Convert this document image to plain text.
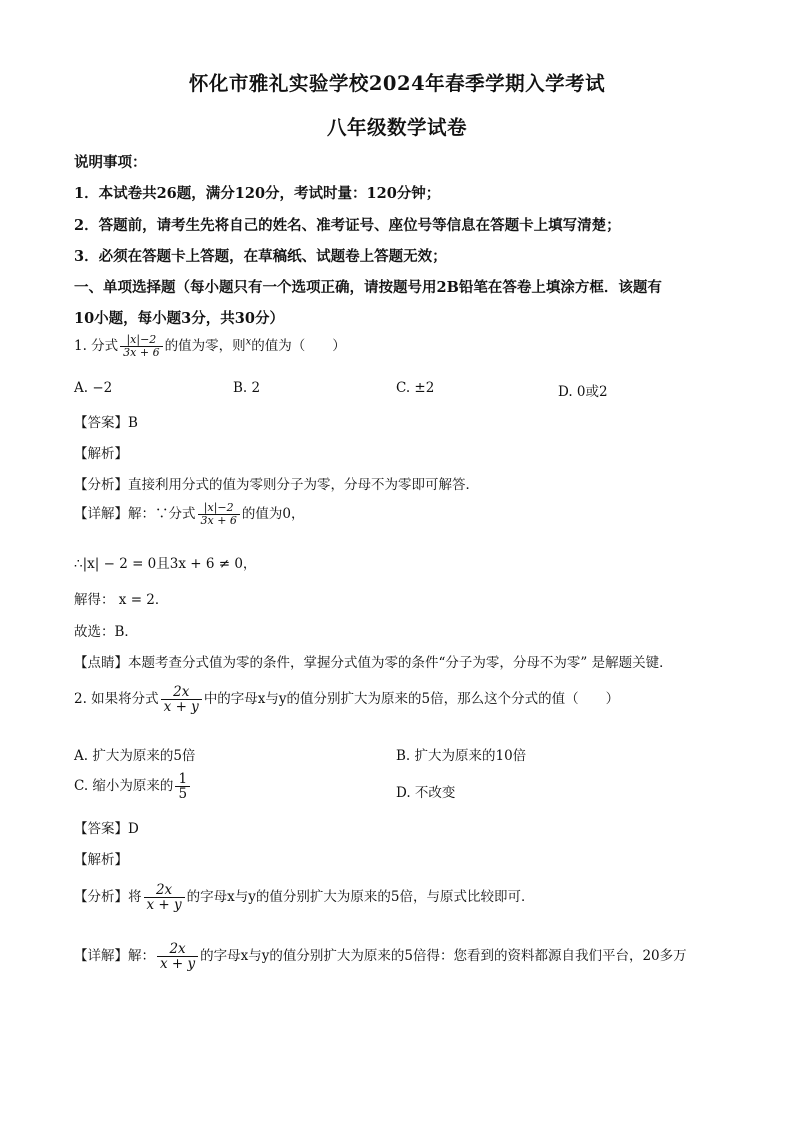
怀化市雅礼实验学校2024年春季学期入学考试
八年级数学试卷
说明事项：
1．本试卷共26题，满分120分，考试时量：120分钟；
2．答题前，请考生先将自己的姓名、准考证号、座位号等信息在答题卡上填写清楚；
3．必须在答题卡上答题，在草稿纸、试题卷上答题无效；
一、单项选择题（每小题只有一个选项正确，请按题号用2B铅笔在答卷上填涂方框．该题有
10小题，每小题3分，共30分）
1. 分式 $\frac{|x|-2}{3x + 6}$ 的值为零，则$^x$的值为（　　）
A. −2	B. 2	C. ±2	D. 0或2
【答案】B
【解析】
【分析】直接利用分式的值为零则分子为零，分母不为零即可解答．
【详解】解：∵分式 $\frac{|x|-2}{3x + 6}$ 的值为0，
∴|x| − 2 = 0且3x + 6 ≠ 0，
解得： x = 2．
故选：B．
【点睛】本题考查分式值为零的条件，掌握分式值为零的条件“分子为零，分母不为零” 是解题关键．
2. 如果将分式 $\frac{2x}{x + y}$ 中的字母x与y的值分别扩大为原来的5倍，那么这个分式的值（　　）
A. 扩大为原来的5倍	B. 扩大为原来的10倍
C. 缩小为原来的 $\frac{1}{5}$	D. 不改变
【答案】D
【解析】
【分析】将 $\frac{2x}{x + y}$ 的字母x与y的值分别扩大为原来的5倍，与原式比较即可．
【详解】解： $\frac{2x}{x + y}$ 的字母x与y的值分别扩大为原来的5倍得：您看到的资料都源自我们平台，20多万
